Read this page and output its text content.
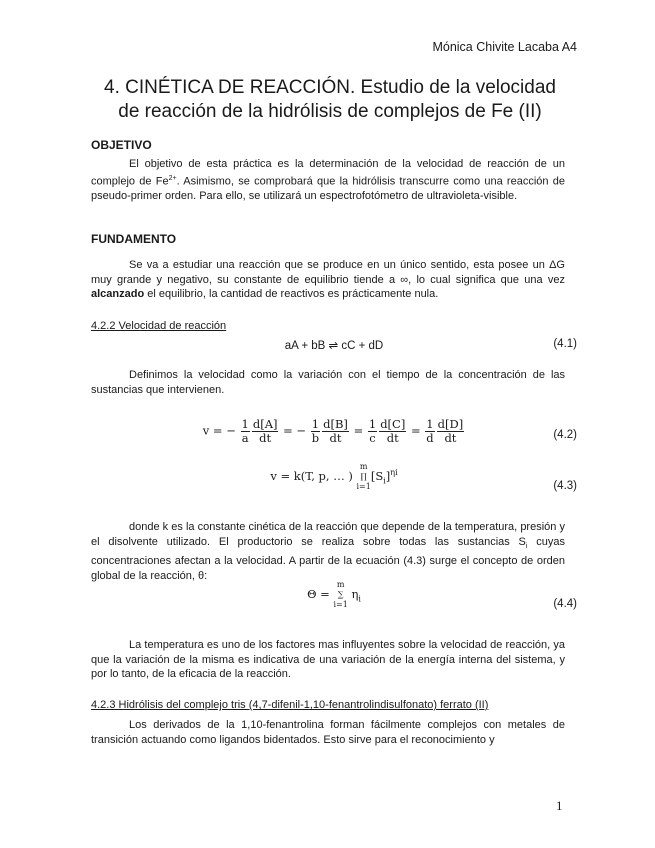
Mónica Chivite Lacaba A4
4. CINÉTICA DE REACCIÓN. Estudio de la velocidad
de reacción de la hidrólisis de complejos de Fe (II)
OBJETIVO
El objetivo de esta práctica es la determinación de la velocidad de reacción de un complejo de $Fe^{2+}$. Asimismo, se comprobará que la hidrólisis transcurre como una reacción de pseudo-primer orden. Para ello, se utilizará un espectrofotómetro de ultravioleta-visible.
FUNDAMENTO
Se va a estudiar una reacción que se produce en un único sentido, esta posee un ΔG muy grande y negativo, su constante de equilibrio tiende a ∞, lo cual significa que una vez alcanzado el equilibrio, la cantidad de reactivos es prácticamente nula.
4.2.2 Velocidad de reacción
aA + bB ⇌ cC + dD	(4.1)
Definimos la velocidad como la variación con el tiempo de la concentración de las sustancias que intervienen.
v = − $\frac{1}{a} \frac{d[A]}{dt}$ = − $\frac{1}{b} \frac{d[B]}{dt} = \frac{1}{c} \frac{d[C]}{dt} = \frac{1}{d} \frac{d[D]}{dt}$	(4.2)
v = k(T, p, … )
m
∏
i=1
$[S_i]^{\eta i}$
(4.3)
donde k es la constante cinética de la reacción que depende de la temperatura, presión y el disolvente utilizado. El productorio se realiza sobre todas las sustancias $S_i$ cuyas concentraciones afectan a la velocidad. A partir de la ecuación (4.3) surge el concepto de orden global de la reacción, θ:
Θ =
m
∑
i=1
$\eta_i$	(4.4)
La temperatura es uno de los factores mas influyentes sobre la velocidad de reacción, ya que la variación de la misma es indicativa de una variación de la energía interna del sistema, y por lo tanto, de la eficacia de la reacción.
4.2.3 Hidrólisis del complejo tris (4,7-difenil-1,10-fenantrolindisulfonato) ferrato (II)
Los derivados de la 1,10-fenantrolina forman fácilmente complejos con metales de transición actuando como ligandos bidentados. Esto sirve para el reconocimiento y
1
